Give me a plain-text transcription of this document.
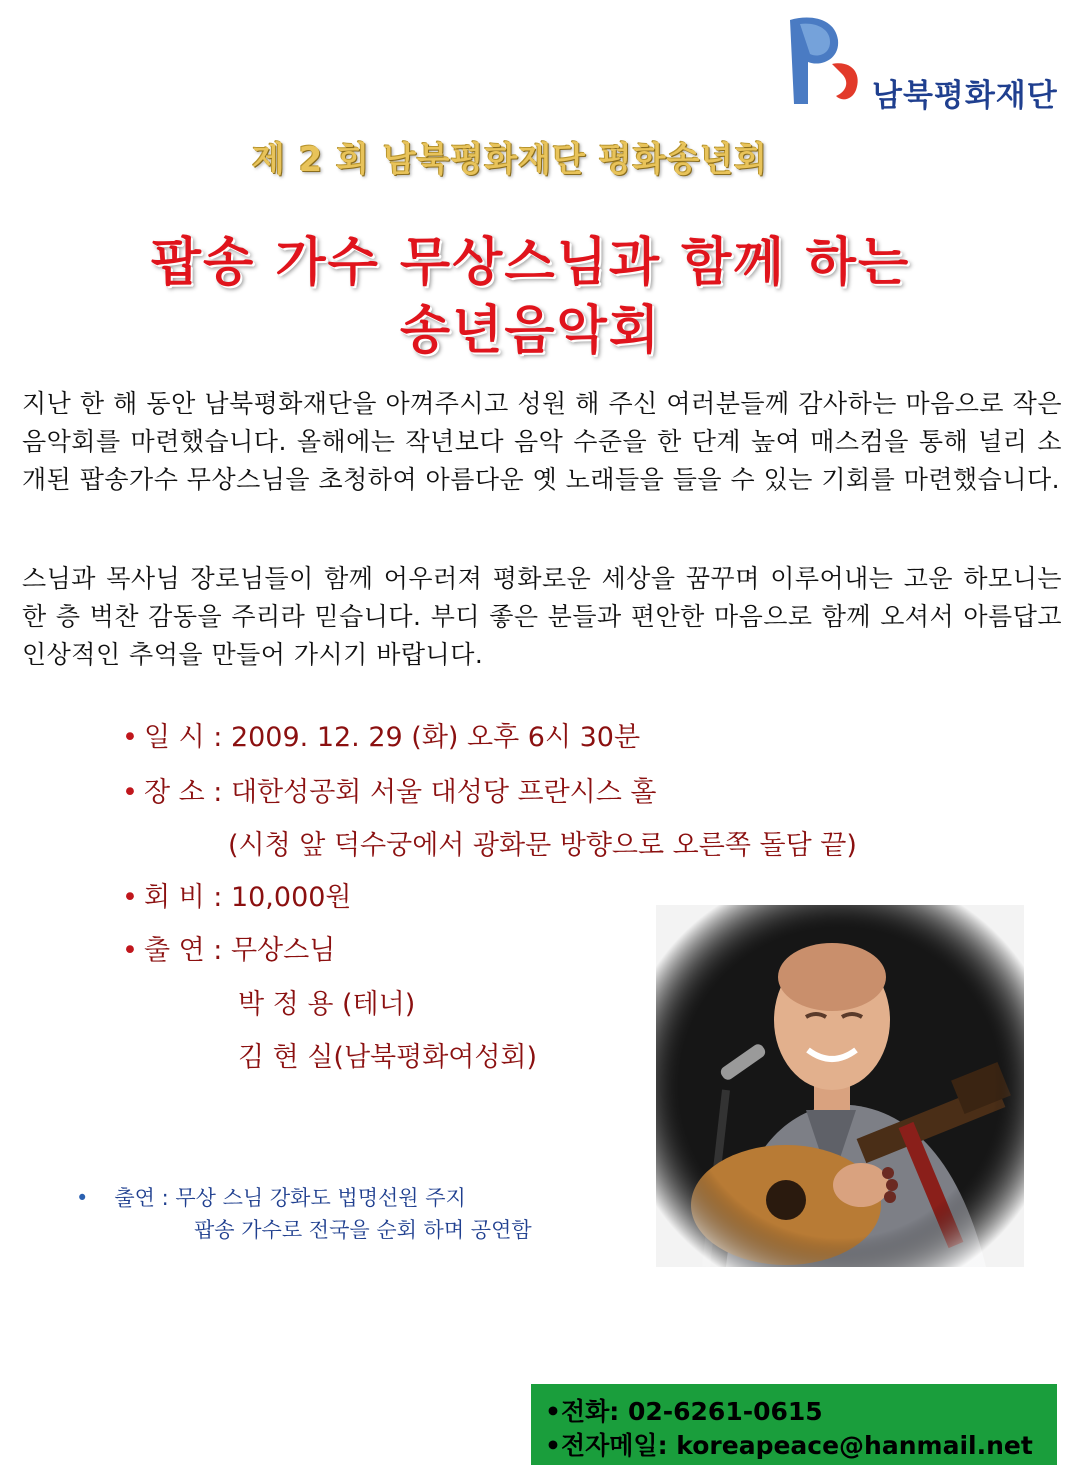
남북평화재단
제 2 회 남북평화재단 평화송년회
팝송 가수 무상스님과 함께 하는
송년음악회
지난 한 해 동안 남북평화재단을 아껴주시고 성원 해 주신 여러분들께 감사하는 마음으로 작은 음악회를 마련했습니다. 올해에는 작년보다 음악 수준을 한 단계 높여 매스컴을 통해 널리 소개된 팝송가수 무상스님을 초청하여 아름다운 옛 노래들을 들을 수 있는 기회를 마련했습니다.
스님과 목사님 장로님들이 함께 어우러져 평화로운 세상을 꿈꾸며 이루어내는 고운 하모니는 한 층 벅찬 감동을 주리라 믿습니다. 부디 좋은 분들과 편안한 마음으로 함께 오셔서 아름답고 인상적인 추억을 만들어 가시기 바랍니다.
• 일 시 : 2009. 12. 29 (화) 오후 6시 30분
• 장 소 : 대한성공회 서울 대성당 프란시스 홀
(시청 앞 덕수궁에서 광화문 방향으로 오른쪽 돌담 끝)
• 회 비 : 10,000원
• 출 연 : 무상스님
박 정 용 (테너)
김 현 실(남북평화여성회)
• 출연 : 무상 스님 강화도 법명선원 주지
팝송 가수로 전국을 순회 하며 공연함
•전화: 02-6261-0615
•전자메일: koreapeace@hanmail.net
